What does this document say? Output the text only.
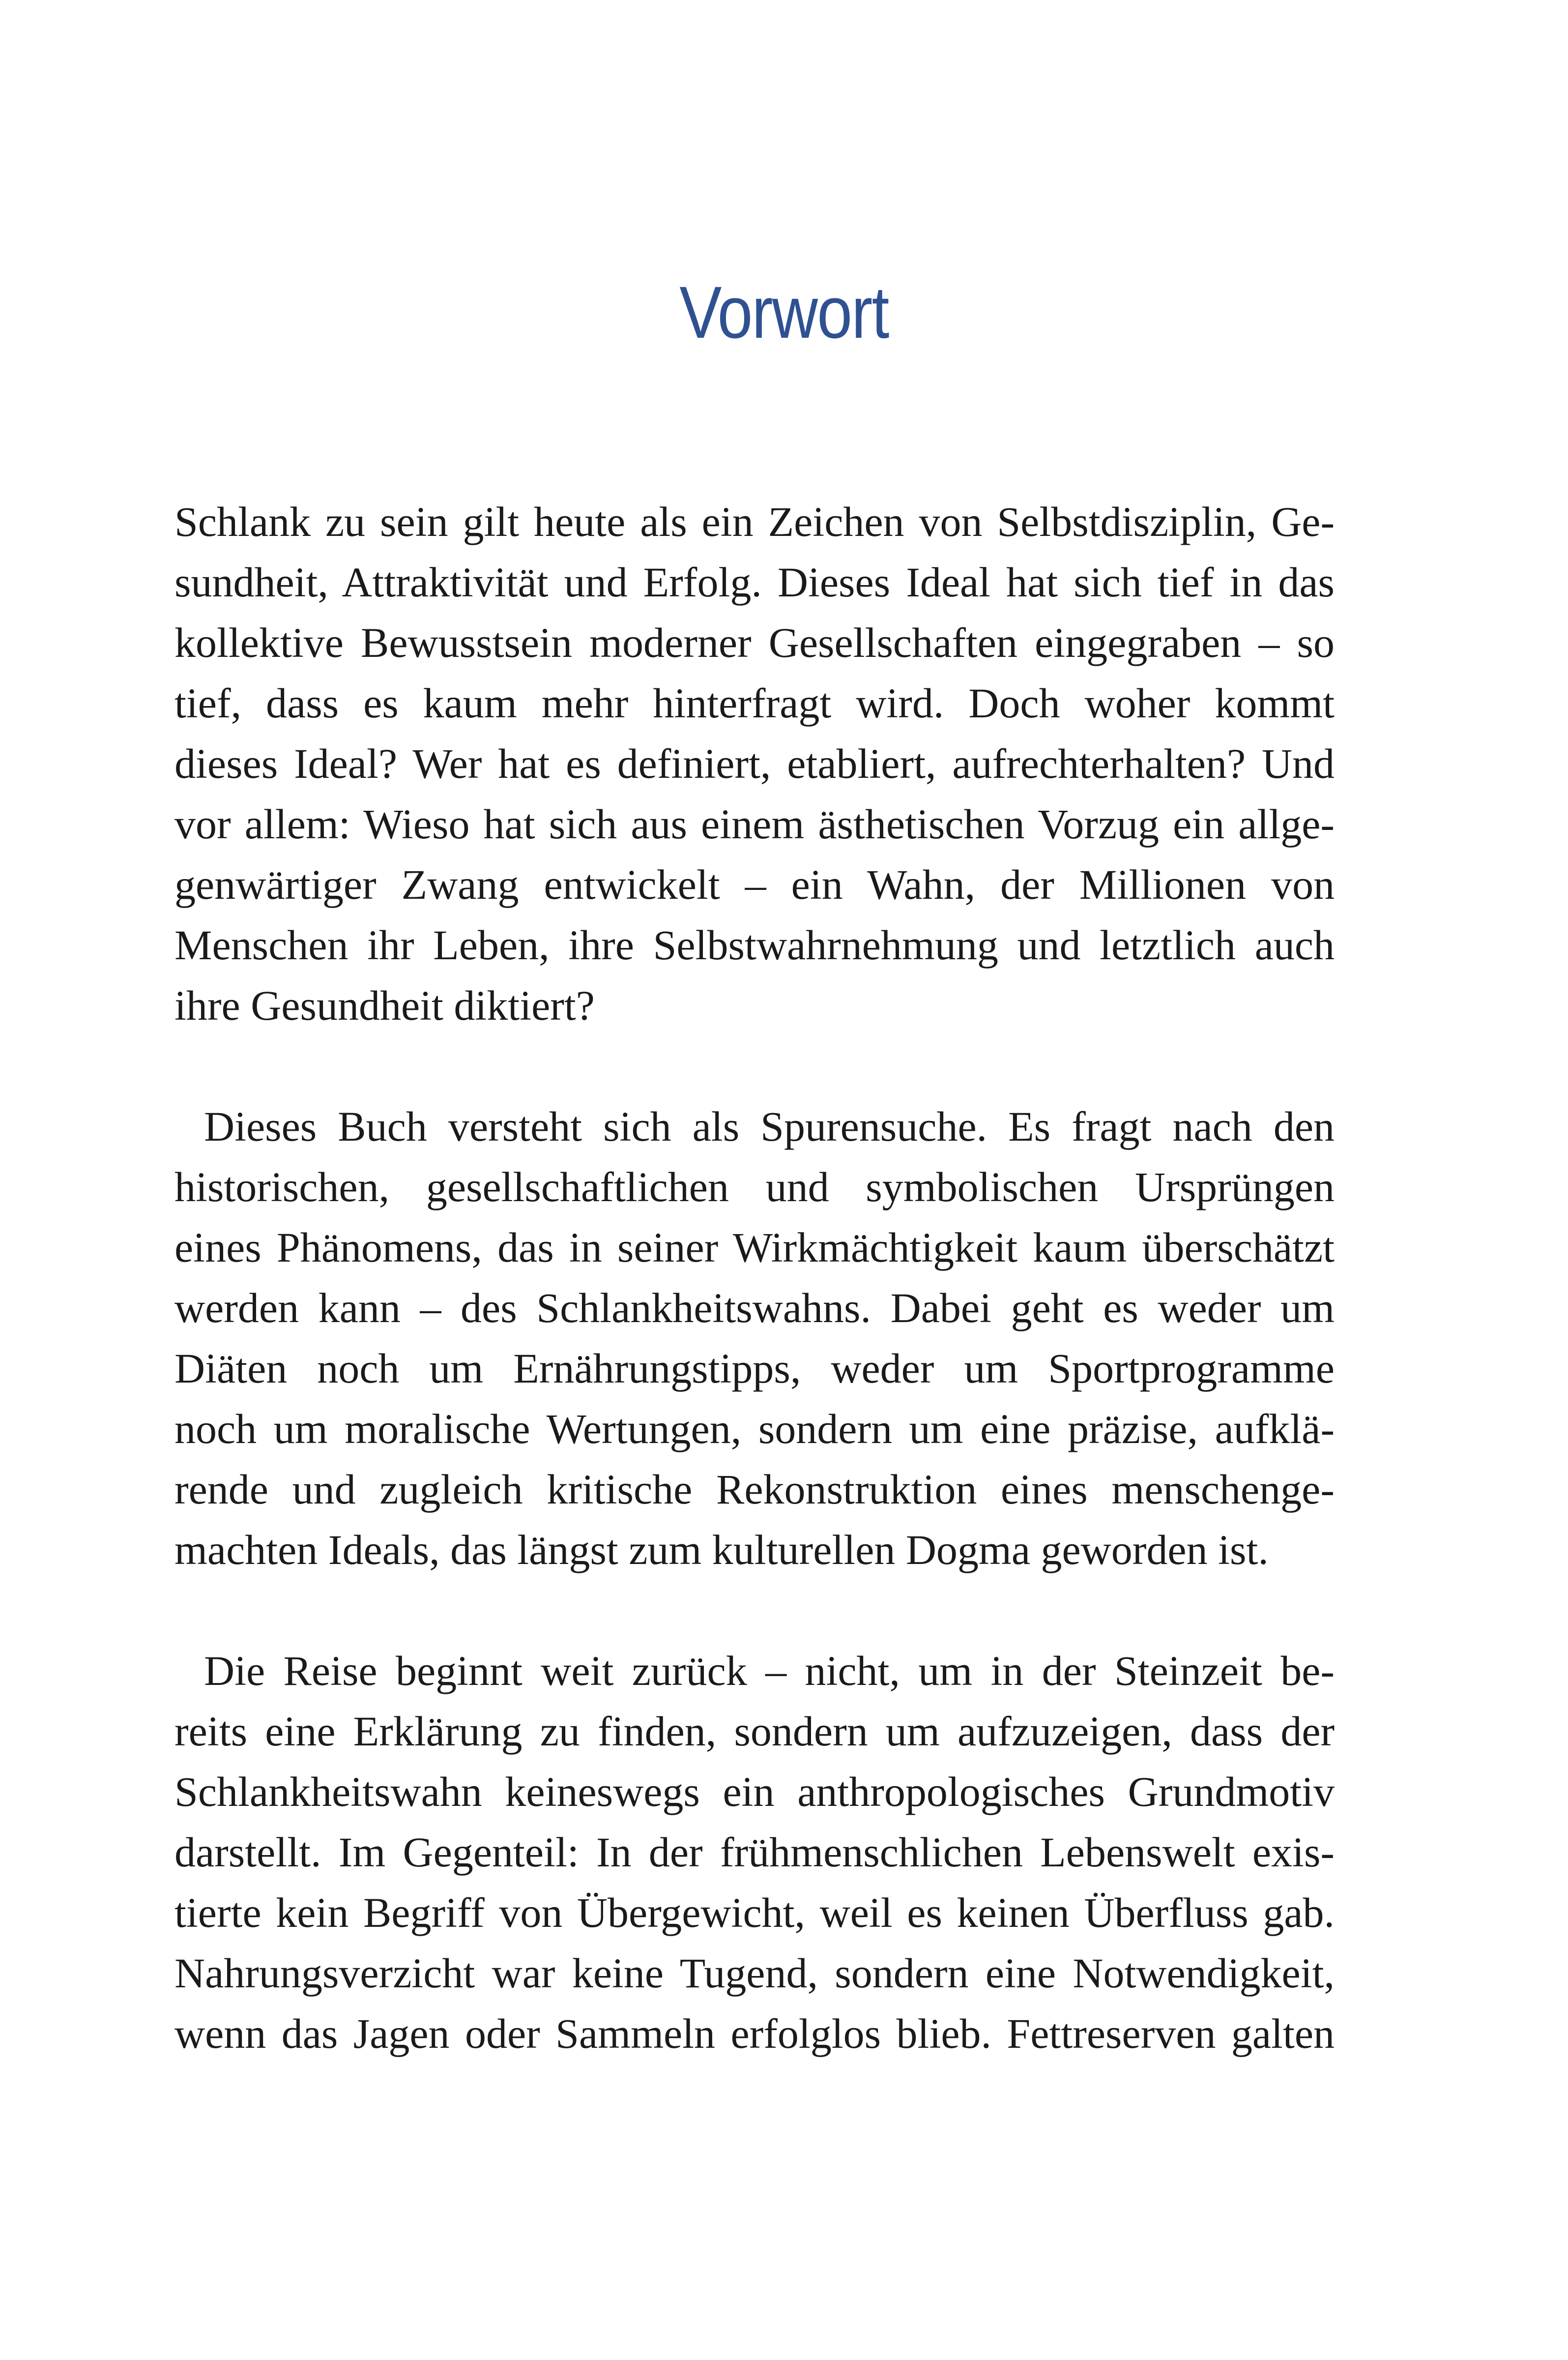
Vorwort

Schlank zu sein gilt heute als ein Zeichen von Selbstdisziplin, Ge-
sundheit, Attraktivität und Erfolg. Dieses Ideal hat sich tief in das
kollektive Bewusstsein moderner Gesellschaften eingegraben – so
tief, dass es kaum mehr hinterfragt wird. Doch woher kommt
dieses Ideal? Wer hat es definiert, etabliert, aufrechterhalten? Und
vor allem: Wieso hat sich aus einem ästhetischen Vorzug ein allge-
genwärtiger Zwang entwickelt – ein Wahn, der Millionen von
Menschen ihr Leben, ihre Selbstwahrnehmung und letztlich auch
ihre Gesundheit diktiert?

Dieses Buch versteht sich als Spurensuche. Es fragt nach den
historischen, gesellschaftlichen und symbolischen Ursprüngen
eines Phänomens, das in seiner Wirkmächtigkeit kaum überschätzt
werden kann – des Schlankheitswahns. Dabei geht es weder um
Diäten noch um Ernährungstipps, weder um Sportprogramme
noch um moralische Wertungen, sondern um eine präzise, aufklä-
rende und zugleich kritische Rekonstruktion eines menschenge-
machten Ideals, das längst zum kulturellen Dogma geworden ist.

Die Reise beginnt weit zurück – nicht, um in der Steinzeit be-
reits eine Erklärung zu finden, sondern um aufzuzeigen, dass der
Schlankheitswahn keineswegs ein anthropologisches Grundmotiv
darstellt. Im Gegenteil: In der frühmenschlichen Lebenswelt exis-
tierte kein Begriff von Übergewicht, weil es keinen Überfluss gab.
Nahrungsverzicht war keine Tugend, sondern eine Notwendigkeit,
wenn das Jagen oder Sammeln erfolglos blieb. Fettreserven galten
